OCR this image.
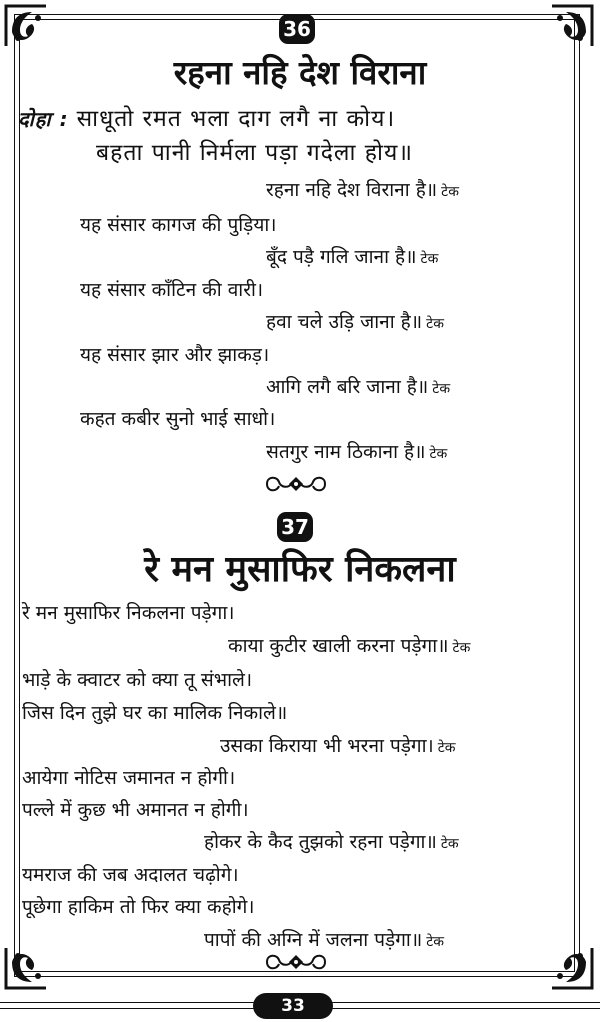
36
रहना नहि देश विराना
दोहा : साधूतो रमत भला दाग लगै ना कोय।
बहता पानी निर्मला पड़ा गदेला होय॥
रहना नहि देश विराना है॥ टेक
यह संसार कागज की पुड़िया।
बूँद पड़ै गलि जाना है॥ टेक
यह संसार काँटिन की वारी।
हवा चले उड़ि जाना है॥ टेक
यह संसार झार और झाकड़।
आगि लगै बरि जाना है॥ टेक
कहत कबीर सुनो भाई साधो।
सतगुर नाम ठिकाना है॥ टेक
37
रे मन मुसाफिर निकलना
रे मन मुसाफिर निकलना पड़ेगा।
काया कुटीर खाली करना पड़ेगा॥ टेक
भाड़े के क्वाटर को क्या तू संभाले।
जिस दिन तुझे घर का मालिक निकाले॥
उसका किराया भी भरना पड़ेगा। टेक
आयेगा नोटिस जमानत न होगी।
पल्ले में कुछ भी अमानत न होगी।
होकर के कैद तुझको रहना पड़ेगा॥ टेक
यमराज की जब अदालत चढ़ोगे।
पूछेगा हाकिम तो फिर क्या कहोगे।
पापों की अग्नि में जलना पड़ेगा॥ टेक
33
